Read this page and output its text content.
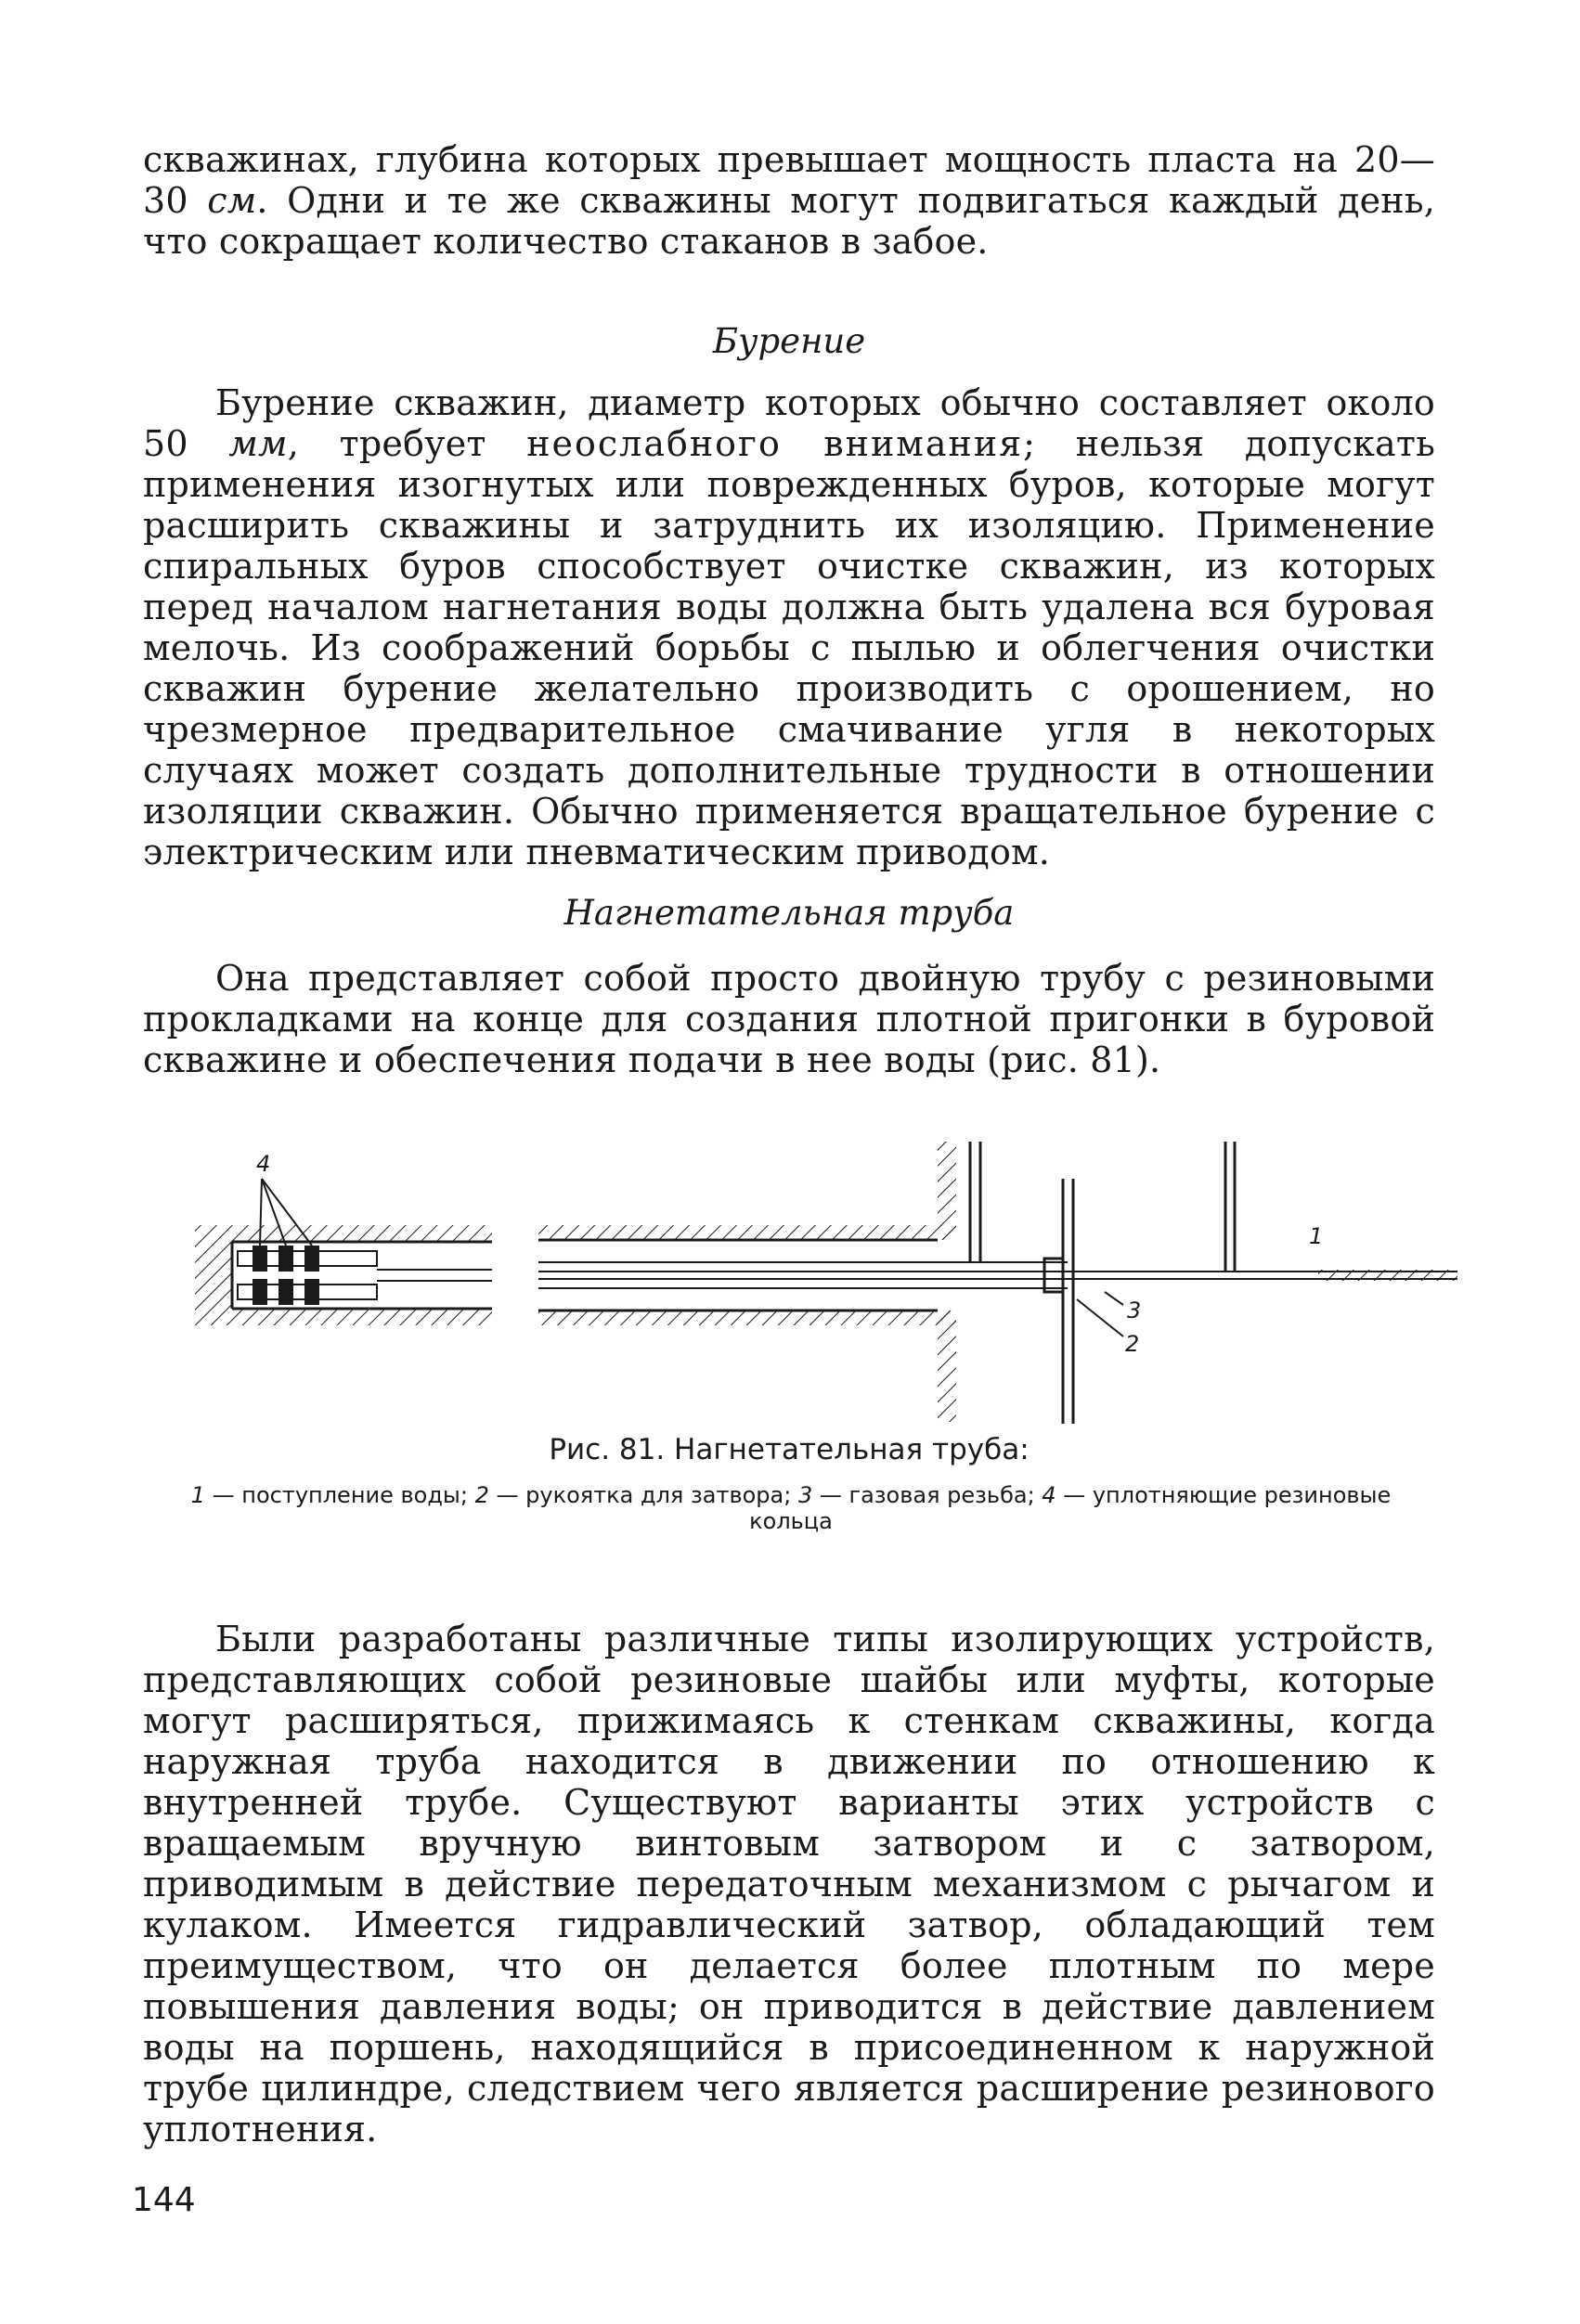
скважинах, глубина которых превышает мощность пласта на 20—30 см. Одни и те же скважины могут подвигаться каждый день, что сокращает количество стаканов в забое.

Бурение

Бурение скважин, диаметр которых обычно составляет около 50 мм, требует неослабного внимания; нельзя допускать применения изогнутых или поврежденных буров, которые могут расширить скважины и затруднить их изоляцию. Применение спиральных буров способствует очистке скважин, из которых перед началом нагнетания воды должна быть удалена вся буровая мелочь. Из соображений борьбы с пылью и облегчения очистки скважин бурение желательно производить с орошением, но чрезмерное предварительное смачивание угля в некоторых случаях может создать дополнительные трудности в отношении изоляции скважин. Обычно применяется вращательное бурение с электрическим или пневматическим приводом.

Нагнетательная труба

Она представляет собой просто двойную трубу с резиновыми прокладками на конце для создания плотной пригонки в буровой скважине и обеспечения подачи в нее воды (рис. 81).

4
3
2
1

Рис. 81. Нагнетательная труба:

1 — поступление воды; 2 — рукоятка для затвора; 3 — газовая резьба; 4 — уплотняющие резиновые кольца

Были разработаны различные типы изолирующих устройств, представляющих собой резиновые шайбы или муфты, которые могут расширяться, прижимаясь к стенкам скважины, когда наружная труба находится в движении по отношению к внутренней трубе. Существуют варианты этих устройств с вращаемым вручную винтовым затвором и с затвором, приводимым в действие передаточным механизмом с рычагом и кулаком. Имеется гидравлический затвор, обладающий тем преимуществом, что он делается более плотным по мере повышения давления воды; он приводится в действие давлением воды на поршень, находящийся в присоединенном к наружной трубе цилиндре, следствием чего является расширение резинового уплотнения.

144
